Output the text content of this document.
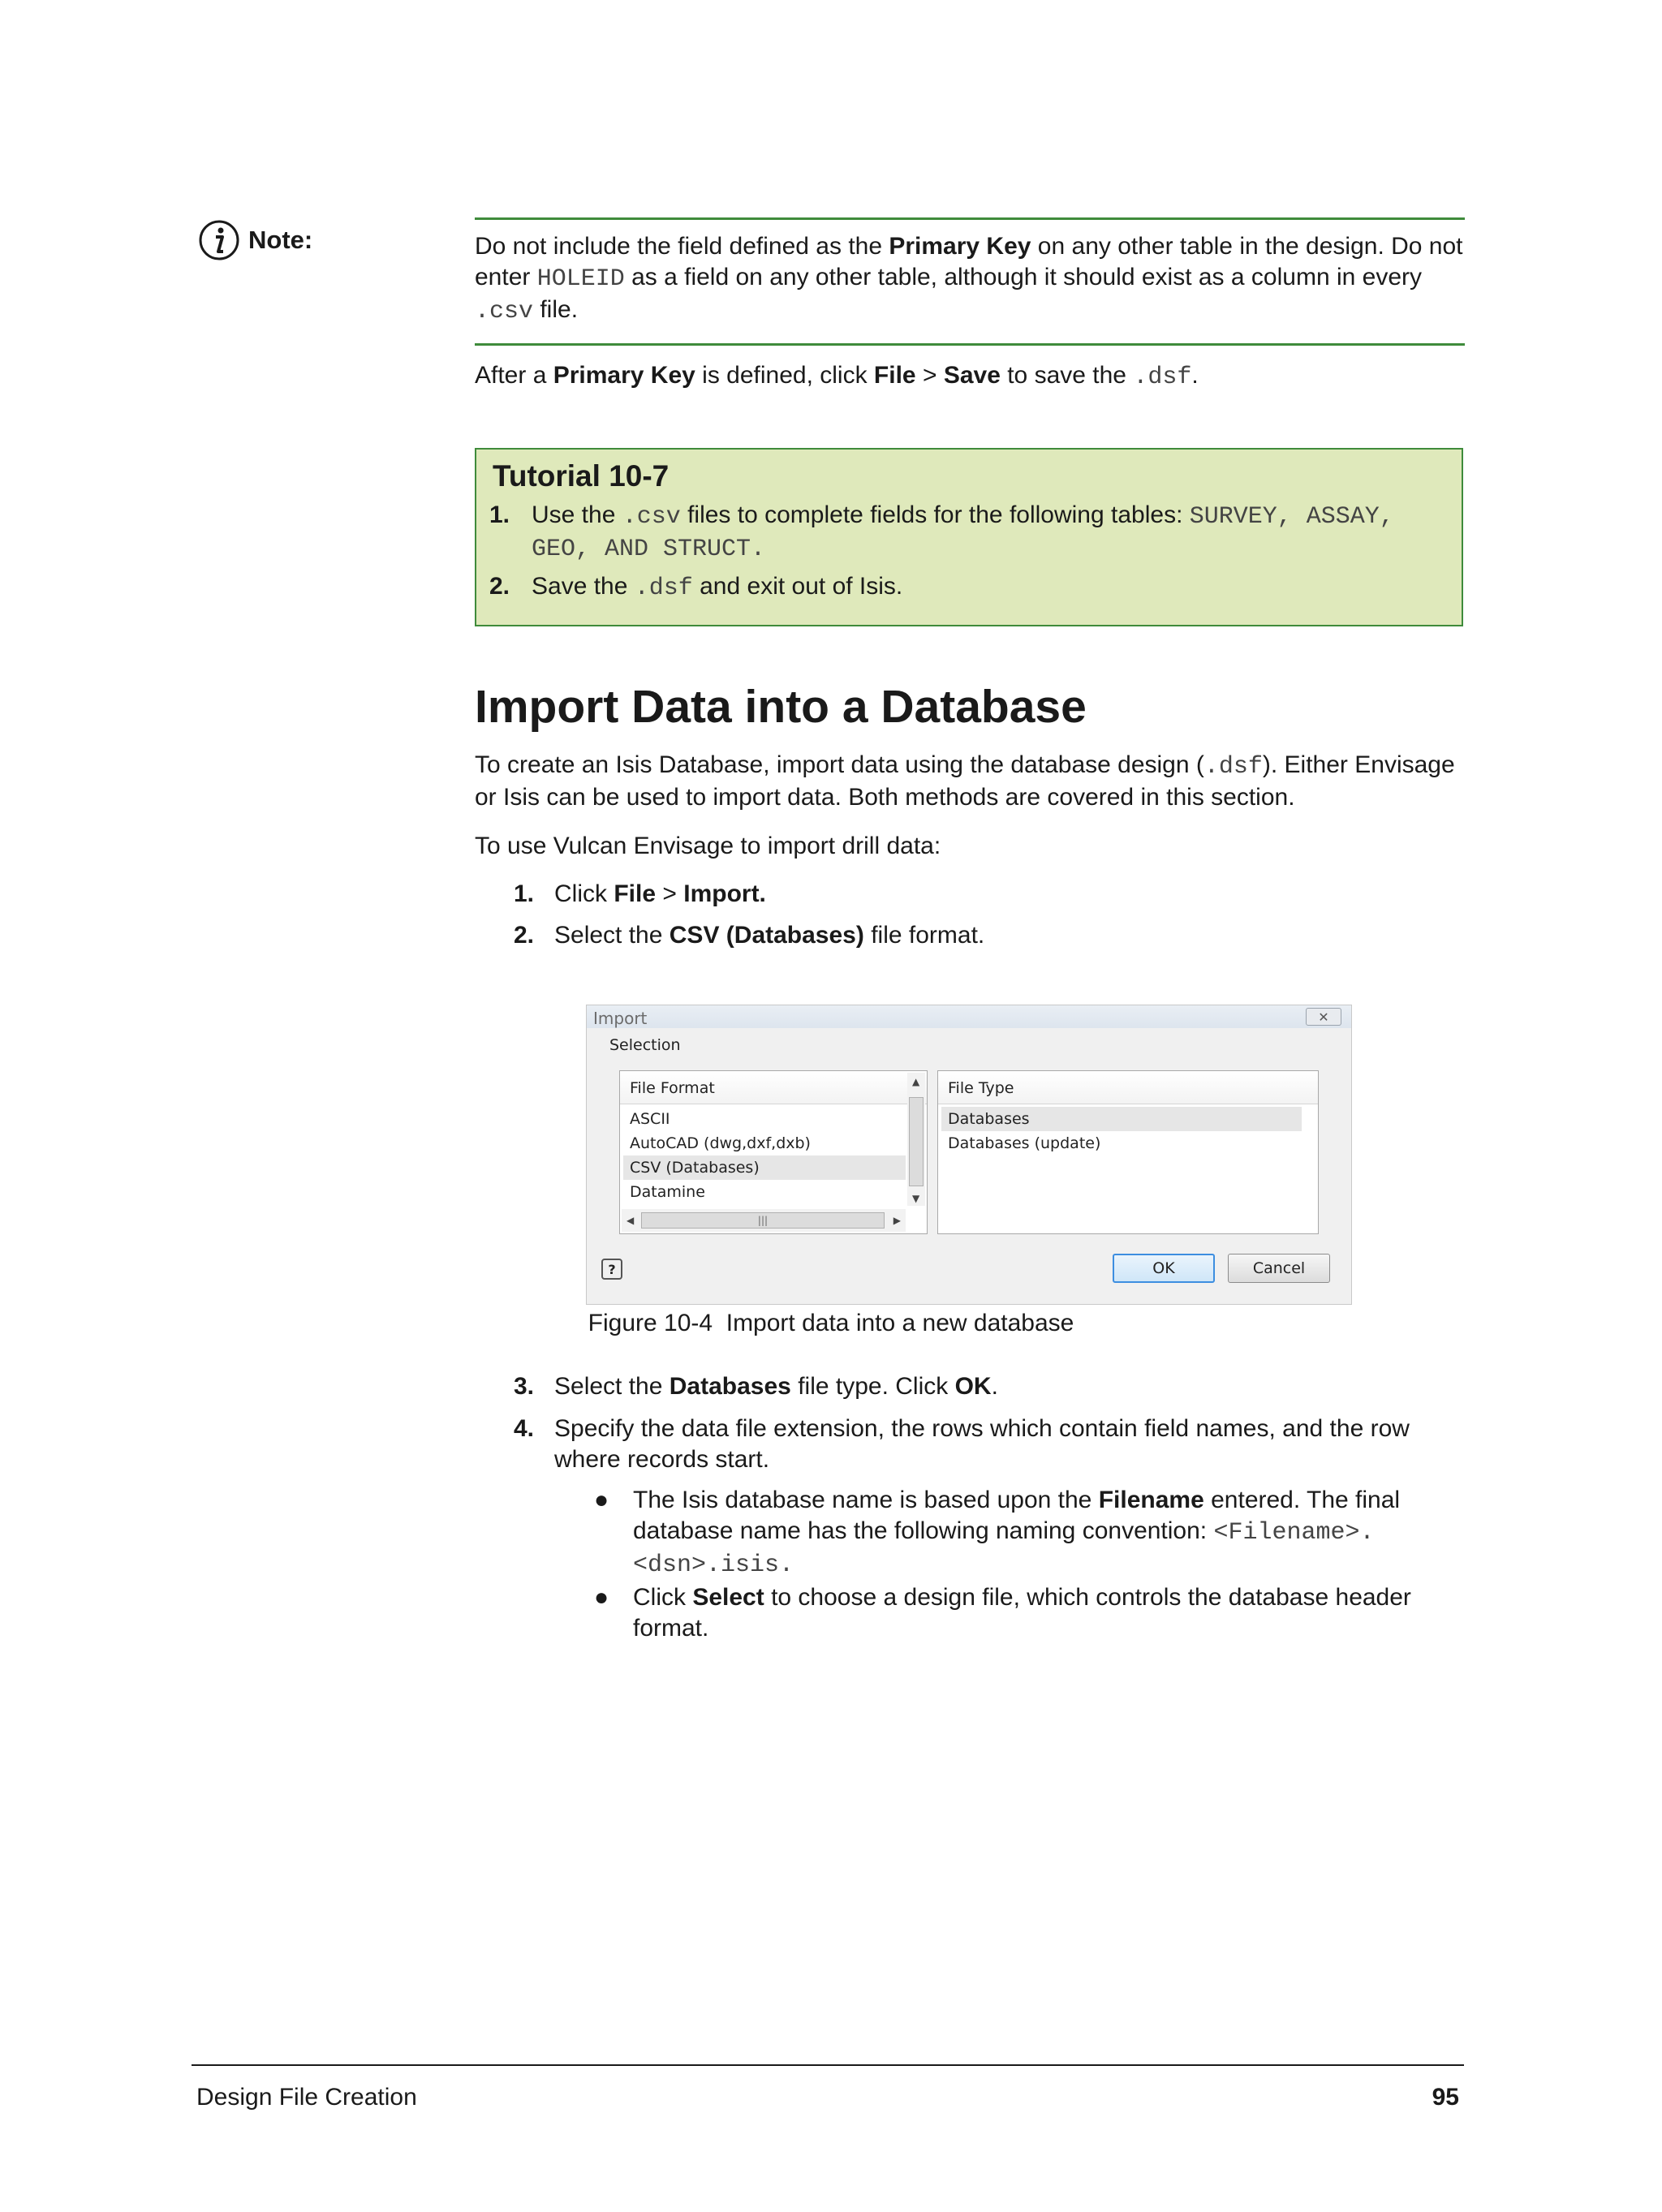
Note:	Do not include the field defined as the Primary Key on any other table in the design. Do not enter HOLEID as a field on any other table, although it should exist as a column in every .csv file.
After a Primary Key is defined, click File > Save to save the .dsf.
Tutorial 10-7
1. Use the .csv files to complete fields for the following tables: SURVEY, ASSAY, GEO, AND STRUCT.
2. Save the .dsf and exit out of Isis.
Import Data into a Database
To create an Isis Database, import data using the database design (.dsf). Either Envisage or Isis can be used to import data. Both methods are covered in this section.
To use Vulcan Envisage to import drill data:
1. Click File > Import.
2. Select the CSV (Databases) file format.
Import	✕
Selection
File Format
ASCII
AutoCAD (dwg,dxf,dxb)
CSV (Databases)
Datamine
▲
▼
◀	|||	▶
File Type
Databases
Databases (update)
?	OK	Cancel
Figure 10-4 Import data into a new database
3. Select the Databases file type. Click OK.
4. Specify the data file extension, the rows which contain field names, and the row where records start.
● The Isis database name is based upon the Filename entered. The final database name has the following naming convention: <Filename>.<dsn>.isis.
● Click Select to choose a design file, which controls the database header format.
Design File Creation	95
